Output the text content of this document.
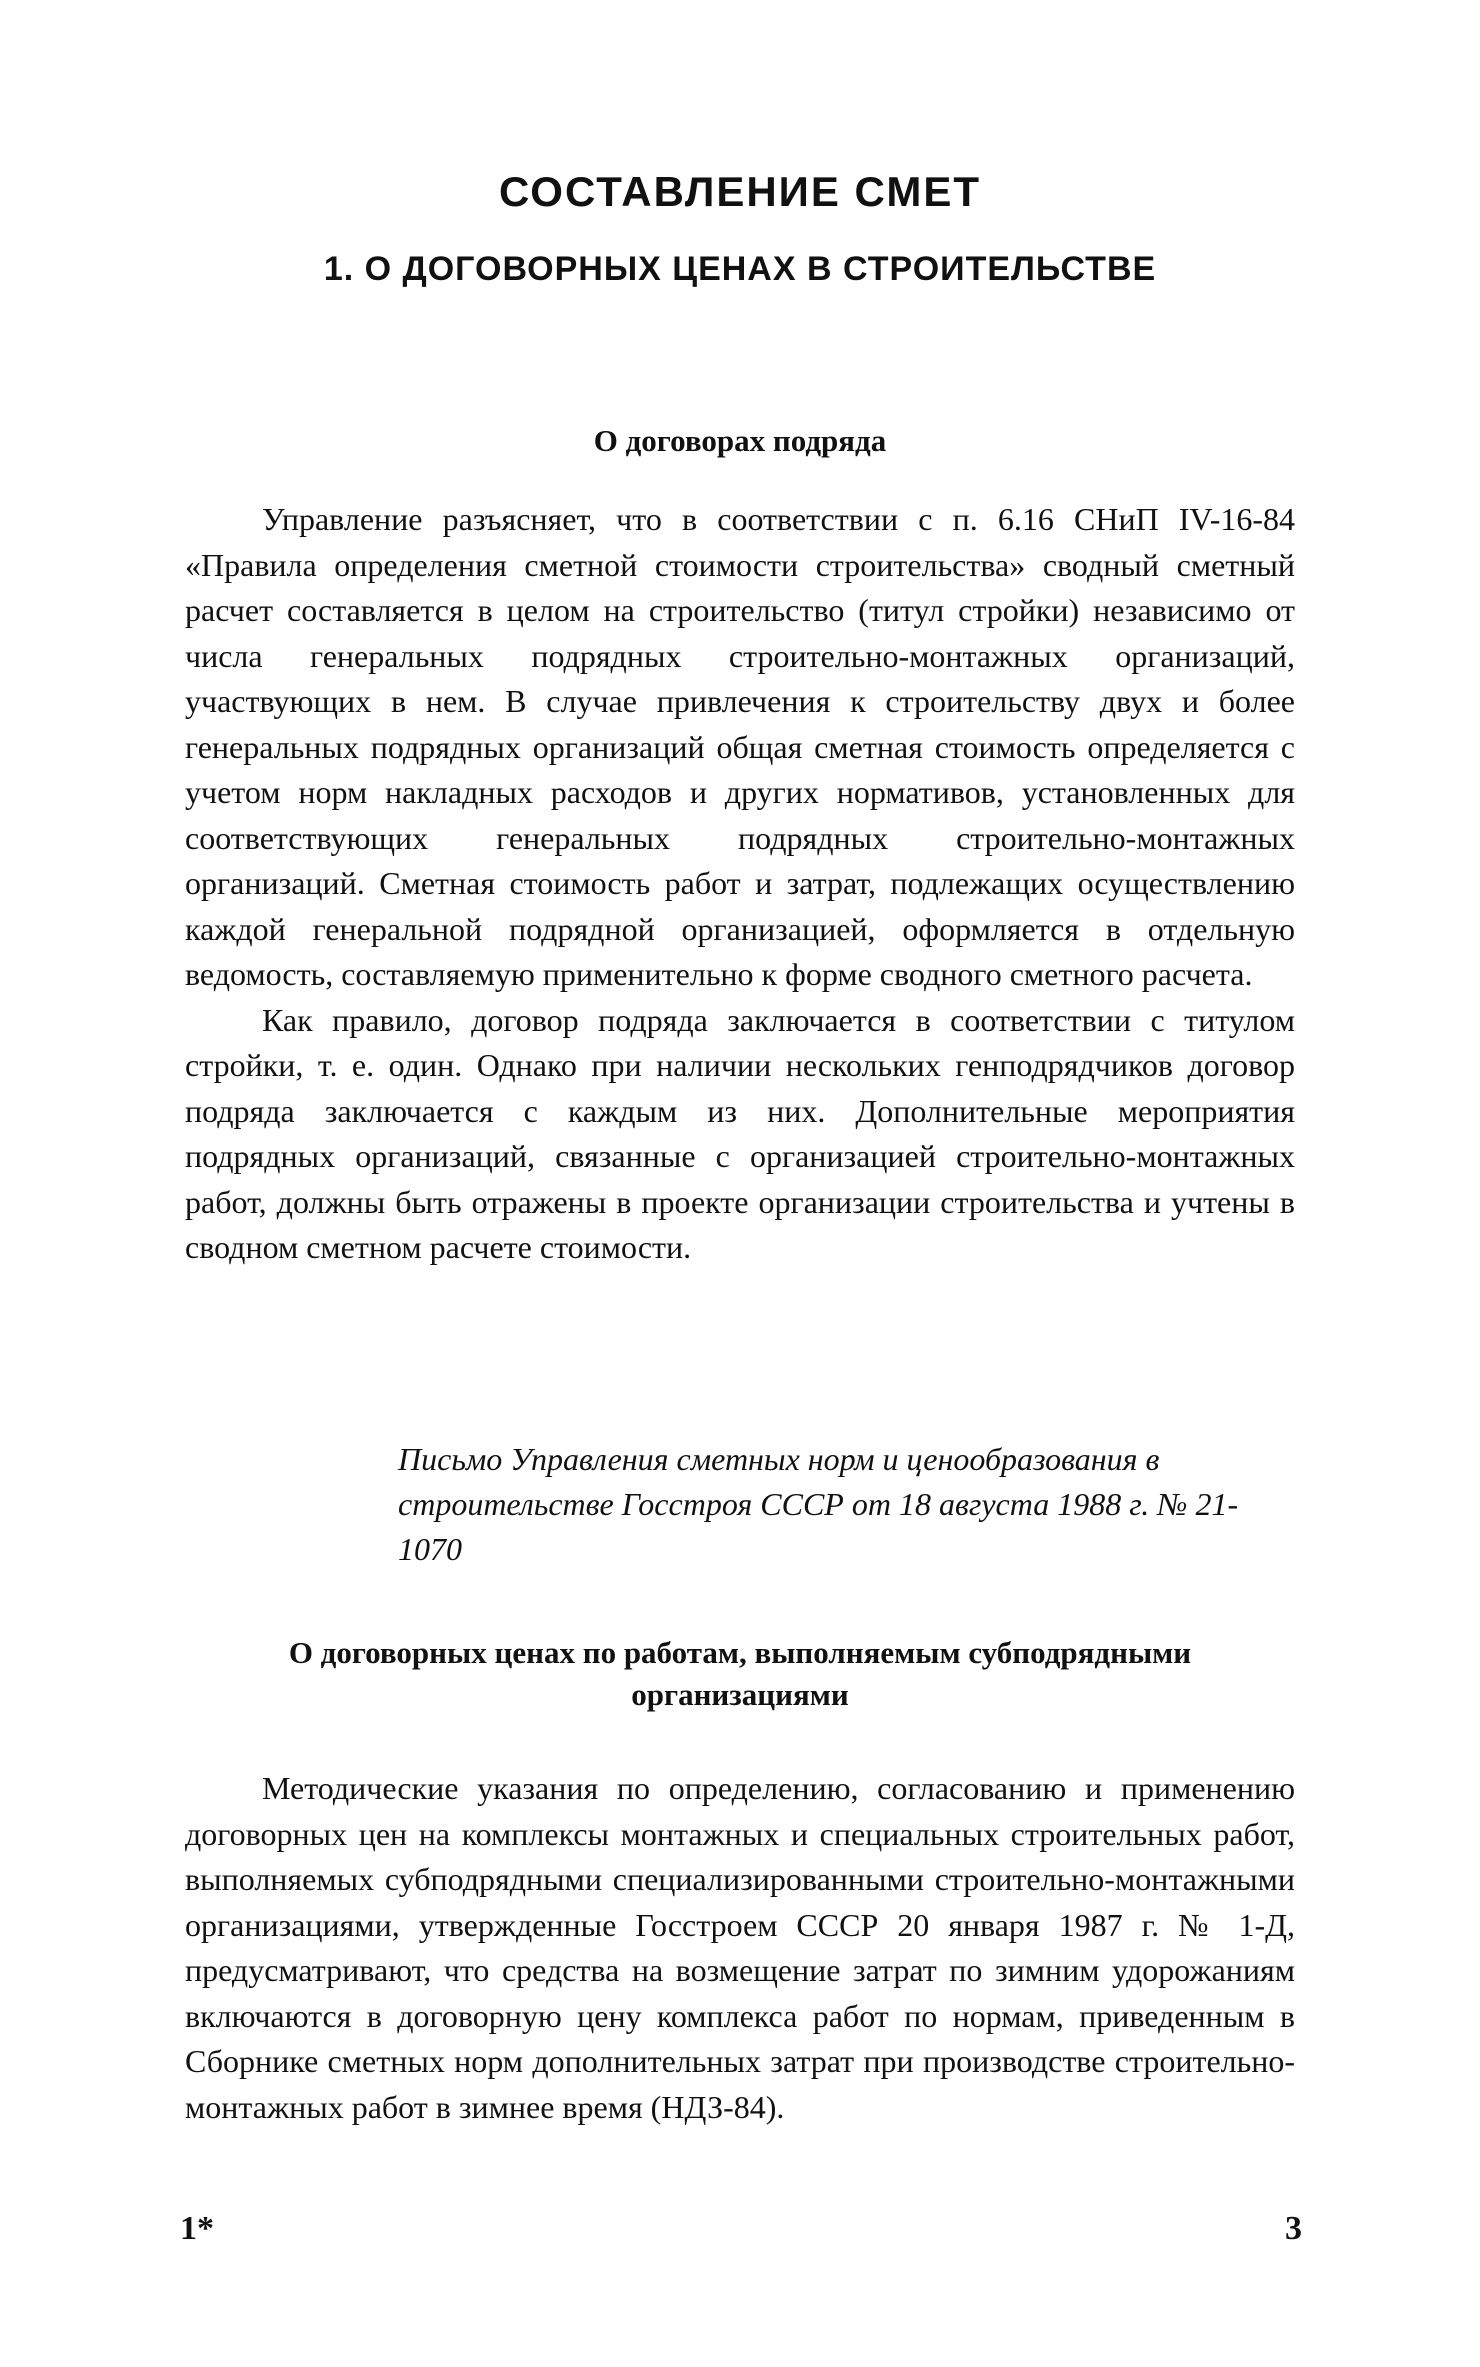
СОСТАВЛЕНИЕ СМЕТ
1. О ДОГОВОРНЫХ ЦЕНАХ В СТРОИТЕЛЬСТВЕ
О договорах подряда

Управление разъясняет, что в соответствии с п. 6.16 СНиП IV-16-84 «Правила определения сметной стоимости строительства» сводный сметный расчет составляется в целом на строительство (титул стройки) независимо от числа генеральных подрядных строительно-монтажных организаций, участвующих в нем. В случае привлечения к строительству двух и более генеральных подрядных организаций общая сметная стоимость определяется с учетом норм накладных расходов и других нормативов, установленных для соответствующих генеральных подрядных строительно-монтажных организаций. Сметная стоимость работ и затрат, подлежащих осуществлению каждой генеральной подрядной организацией, оформляется в отдельную ведомость, составляемую применительно к форме сводного сметного расчета.

Как правило, договор подряда заключается в соответствии с титулом стройки, т. е. один. Однако при наличии нескольких генподрядчиков договор подряда заключается с каждым из них. Дополнительные мероприятия подрядных организаций, связанные с организацией строительно-монтажных работ, должны быть отражены в проекте организации строительства и учтены в сводном сметном расчете стоимости.

Письмо Управления сметных норм и ценообразования в строительстве Госстроя СССР от 18 августа 1988 г. № 21-1070
О договорных ценах по работам, выполняемым субподрядными организациями

Методические указания по определению, согласованию и применению договорных цен на комплексы монтажных и специальных строительных работ, выполняемых субподрядными специализированными строительно-монтажными организациями, утвержденные Госстроем СССР 20 января 1987 г. № 1-Д, предусматривают, что средства на возмещение затрат по зимним удорожаниям включаются в договорную цену комплекса работ по нормам, приведенным в Сборнике сметных норм дополнительных затрат при производстве строительно-монтажных работ в зимнее время (НДЗ-84).

1*	3
